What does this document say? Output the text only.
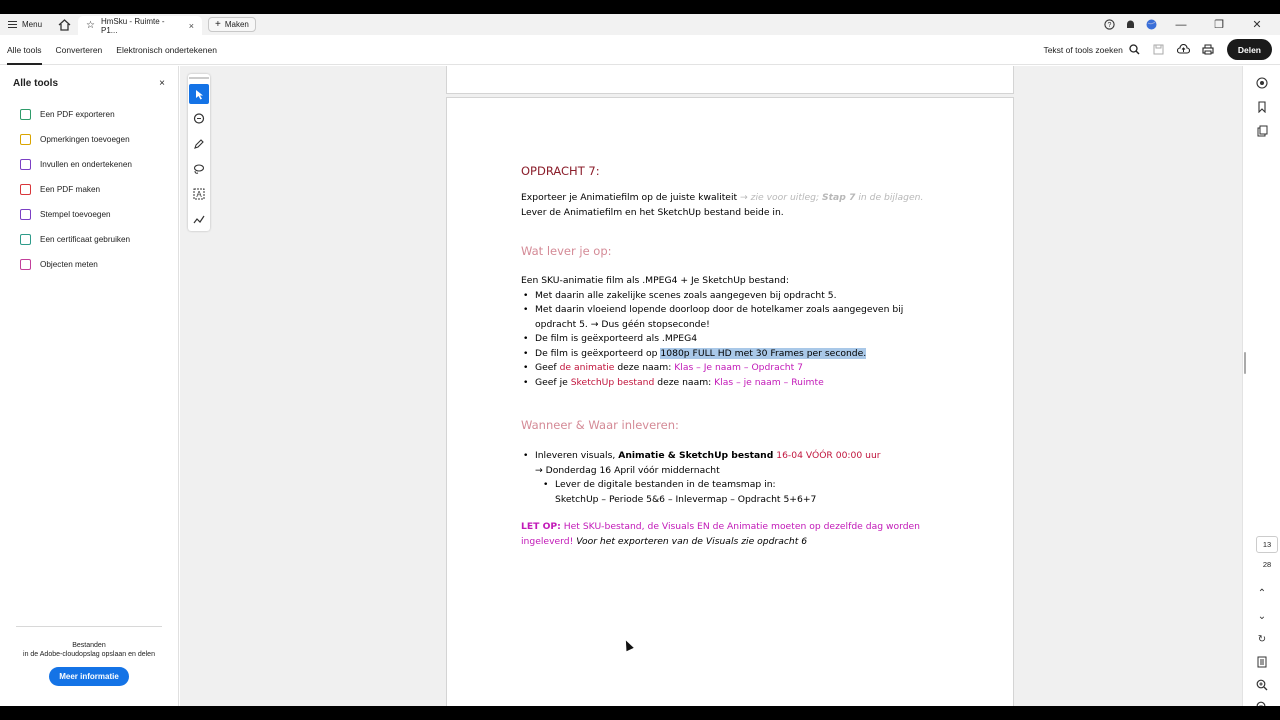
Menu	☆ HmSku - Ruimte - P1...	× + Maken	?	—	❐	✕
Alle tools	Converteren	Elektronisch ondertekenen	Tekst of tools zoeken	Delen
Alle tools	×
Een PDF exporteren
Opmerkingen toevoegen
Invullen en ondertekenen
Een PDF maken
Stempel toevoegen
Een certificaat gebruiken
Objecten meten
Bestanden
in de Adobe-cloudopslag opslaan en delen
Meer informatie
A
OPDRACHT 7:
Exporteer je Animatiefilm op de juiste kwaliteit → zie voor uitleg; Stap 7 in de bijlagen.
Lever de Animatiefilm en het SketchUp bestand beide in.
Wat lever je op:
Een SKU-animatie film als .MPEG4 + Je SketchUp bestand:
• Met daarin alle zakelijke scenes zoals aangegeven bij opdracht 5.
• Met daarin vloeiend lopende doorloop door de hotelkamer zoals aangegeven bij opdracht 5. → Dus géén stopseconde!
• De film is geëxporteerd als .MPEG4
• De film is geëxporteerd op 1080p FULL HD met 30 Frames per seconde.
• Geef de animatie deze naam: Klas – Je naam – Opdracht 7
• Geef je SketchUp bestand deze naam: Klas – je naam – Ruimte
Wanneer & Waar inleveren:
• Inleveren visuals, Animatie & SketchUp bestand 16-04 VÓÓR 00:00 uur
→ Donderdag 16 April vóór middernacht
• Lever de digitale bestanden in de teamsmap in:
SketchUp – Periode 5&6 – Inlevermap – Opdracht 5+6+7
LET OP: Het SKU-bestand, de Visuals EN de Animatie moeten op dezelfde dag worden ingeleverd! Voor het exporteren van de Visuals zie opdracht 6
⌃
⌄
↻
13
28
